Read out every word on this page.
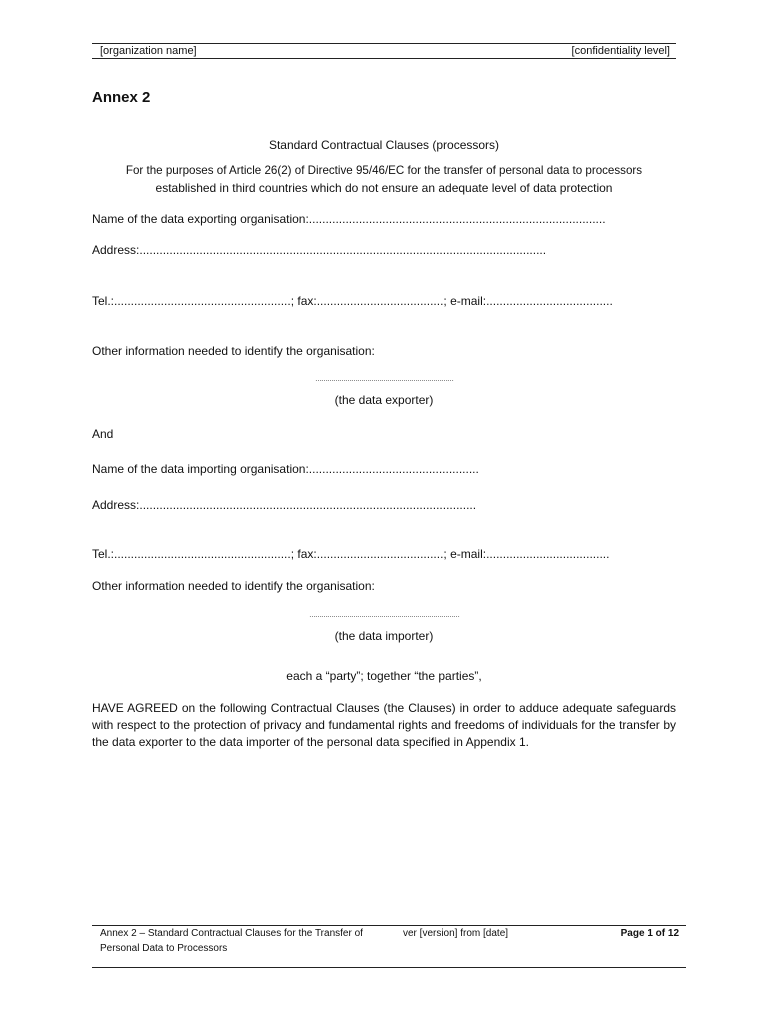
[organization name]	[confidentiality level]
Annex 2
Standard Contractual Clauses (processors)
For the purposes of Article 26(2) of Directive 95/46/EC for the transfer of personal data to processors
established in third countries which do not ensure an adequate level of data protection
Name of the data exporting organisation:.........................................................................................
Address:..........................................................................................................................
Tel.:.....................................................; fax:......................................; e-mail:......................................
Other information needed to identify the organisation:
……………………………………………………………
(the data exporter)
And
Name of the data importing organisation:...................................................
Address:.....................................................................................................
Tel.:.....................................................; fax:......................................; e-mail:.....................................
Other information needed to identify the organisation:
…………………………………………………………………
(the data importer)
each a “party”; together “the parties”,
HAVE AGREED on the following Contractual Clauses (the Clauses) in order to adduce adequate safeguards with respect to the protection of privacy and fundamental rights and freedoms of individuals for the transfer by the data exporter to the data importer of the personal data specified in Appendix 1.
Annex 2 – Standard Contractual Clauses for the Transfer of
Personal Data to Processors
ver [version] from [date]	Page 1 of 12
